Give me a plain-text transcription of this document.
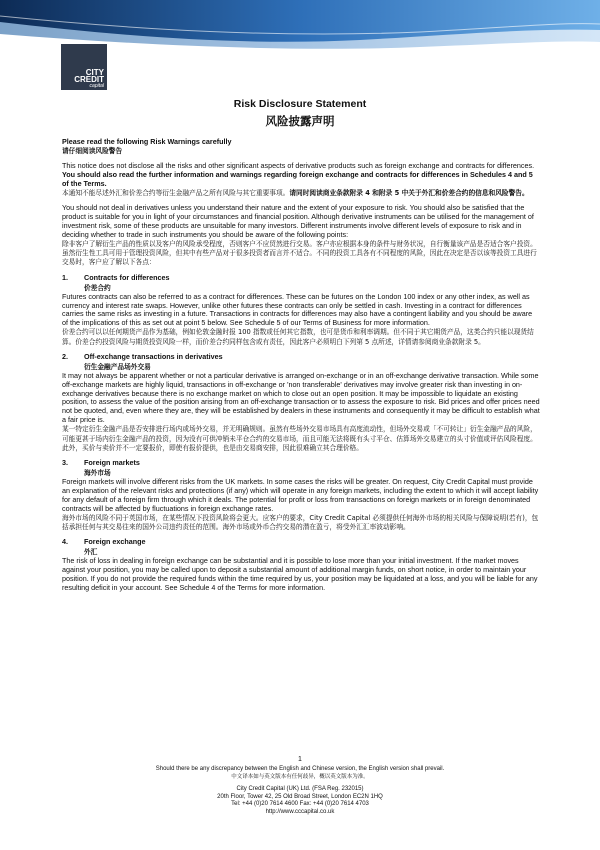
CITY
CREDIT
capital
Risk Disclosure Statement
风险披露声明

Please read the following Risk Warnings carefully

请仔细阅读风险警告

This notice does not disclose all the risks and other significant aspects of derivative products such as foreign exchange and contracts for differences. You should also read the further information and warnings regarding foreign exchange and contracts for differences in Schedules 4 and 5 of the Terms.

本通知不能尽述外汇和价差合约等衍生金融产品之所有风险与其它重要事项。请同时阅读商业条款附录 4 和附录 5 中关于外汇和价差合约的信息和风险警告。

You should not deal in derivatives unless you understand their nature and the extent of your exposure to risk. You should also be satisfied that the product is suitable for you in light of your circumstances and financial position. Although derivative instruments can be utilised for the management of investment risk, some of these products are unsuitable for many investors. Different instruments involve different levels of exposure to risk and in deciding whether to trade in such instruments you should be aware of the following points:

除非客户了解衍生产品的性质以及客户的风险承受程度，否则客户不应贸然进行交易。客户亦应根据本身的条件与财务状况，自行衡量该产品是否适合客户投资。虽然衍生性工具可用于管理投资风险，但其中有些产品对于很多投资者而言并不适合。不同的投资工具各有不同程度的风险，因此在决定是否以该等投资工具进行交易时，客户应了解以下各点：

1.	Contracts for differences
价差合约

Futures contracts can also be referred to as a contract for differences. These can be futures on the London 100 index or any other index, as well as currency and interest rate swaps. However, unlike other futures these contracts can only be settled in cash. Investing in a contract for differences carries the same risks as investing in a future. Transactions in contracts for differences may also have a contingent liability and you should be aware of the implications of this as set out at point 5 below. See Schedule 5 of our Terms of Business for more information.

价差合约可以以任何期货产品作为基础，例如伦敦金融时报 100 指数或任何其它指数，也可是货币和利率调期。但不同于其它期货产品，这类合约只能以现货结算。价差合约投资风险与期货投资风险一样，而价差合约同样包含或有责任，因此客户必须明白下列第 5 点所述，详情请参阅商业条款附录 5。

2.	Off-exchange transactions in derivatives
衍生金融产品场外交易

It may not always be apparent whether or not a particular derivative is arranged on-exchange or in an off-exchange derivative transaction. While some off-exchange markets are highly liquid, transactions in off-exchange or 'non transferable' derivatives may involve greater risk than investing in on-exchange derivatives because there is no exchange market on which to close out an open position. It may be impossible to liquidate an existing position, to assess the value of the position arising from an off-exchange transaction or to assess the exposure to risk. Bid prices and offer prices need not be quoted, and, even where they are, they will be established by dealers in these instruments and consequently it may be difficult to establish what a fair price is.

某一特定衍生金融产品是否安排进行场内或场外交易，并无明确规则。虽然有些场外交易市场具有高度流动性，但场外交易或「不可转让」衍生金融产品的风险，可能更甚于场内衍生金融产品的投资，因为没有可供冲销未平仓合约的交易市场，而且可能无法将既有头寸平仓、估算场外交易建立的头寸价值或评估风险程度。此外，买价与卖价并不一定要报价，即使有报价提供，也是由交易商安排，因此很难确立其合理价格。

3.	Foreign markets
海外市场

Foreign markets will involve different risks from the UK markets. In some cases the risks will be greater. On request, City Credit Capital must provide an explanation of the relevant risks and protections (if any) which will operate in any foreign markets, including the extent to which it will accept liability for any default of a foreign firm through which it deals. The potential for profit or loss from transactions on foreign markets or in foreign denominated contracts will be affected by fluctuations in foreign exchange rates.

海外市场的风险不同于英国市场，在某些情况下投资风险将会更大。应客户的要求，City Credit Capital 必须提供任何海外市场的相关风险与保障说明(若有)，包括承担任何与其交易往来的国外公司违约责任的范围。海外市场或外币合约交易的潜在盈亏，将受外汇汇率波动影响。

4.	Foreign exchange
外汇

The risk of loss in dealing in foreign exchange can be substantial and it is possible to lose more than your initial investment. If the market moves against your position, you may be called upon to deposit a substantial amount of additional margin funds, on short notice, in order to maintain your position. If you do not provide the required funds within the time required by us, your position may be liquidated at a loss, and you will be liable for any resulting deficit in your account. See Schedule 4 of the Terms for more information.

1
Should there be any discrepancy between the English and Chinese version, the English version shall prevail.
中文译本如与英文版本有任何歧异，概以英文版本为准。
City Credit Capital (UK) Ltd. (FSA Reg. 232015)
20th Floor, Tower 42, 25 Old Broad Street, London EC2N 1HQ
Tel: +44 (0)20 7614 4600 Fax: +44 (0)20 7614 4703
http://www.cccapital.co.uk
